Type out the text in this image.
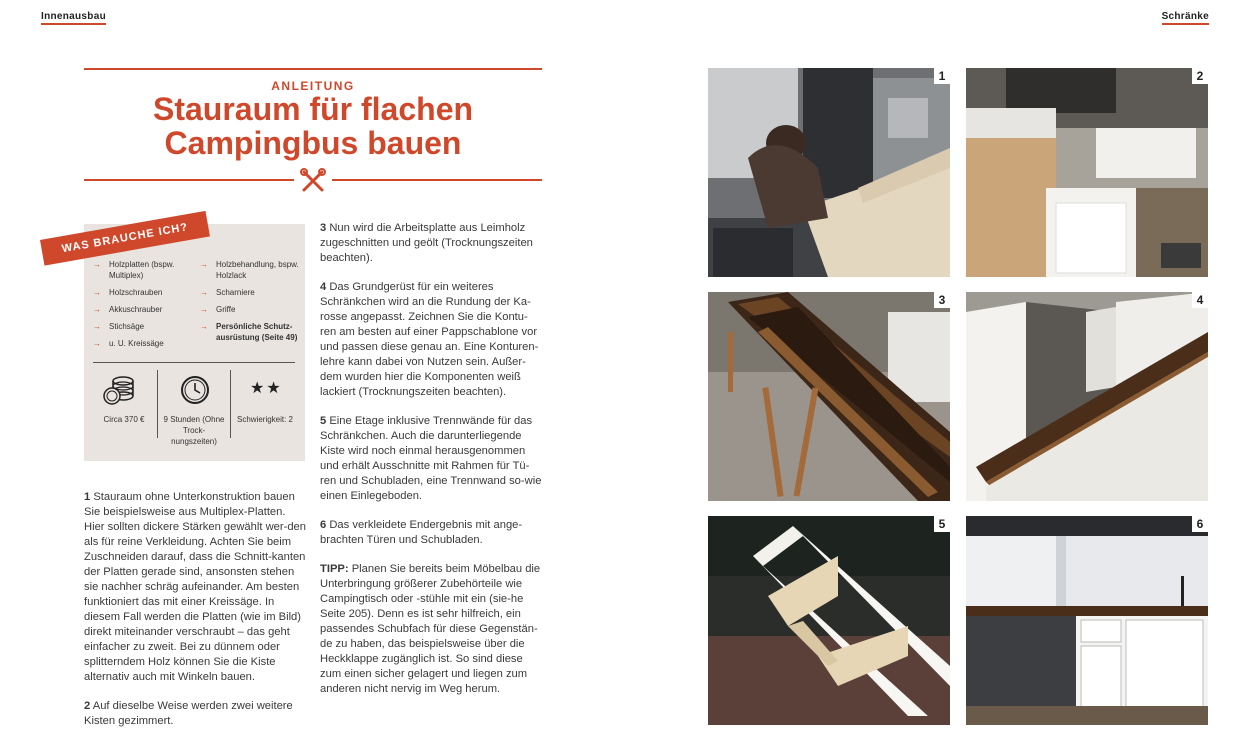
Innenausbau	Schränke
ANLEITUNG
Stauraum für flachen
Campingbus bauen
WAS BRAUCHE ICH?
→ Holzplatten (bspw. Multiplex)
→ Holzschrauben
→ Akkuschrauber
→ Stichsäge
→ u. U. Kreissäge
→ Holzbehandlung, bspw. Holzlack
→ Scharniere
→ Griffe
→ Persönliche Schutz-ausrüstung (Seite 49)
★★
Circa 370 €	9 Stunden (Ohne Trock-nungszeiten)
Schwierigkeit: 2

1 Stauraum ohne Unterkonstruktion bauen Sie beispielsweise aus Multiplex-Platten. Hier sollten dickere Stärken gewählt wer-den als für reine Verkleidung. Achten Sie beim Zuschneiden darauf, dass die Schnitt-kanten der Platten gerade sind, ansonsten stehen sie nachher schräg aufeinander. Am besten funktioniert das mit einer Kreissäge. In diesem Fall werden die Platten (wie im Bild) direkt miteinander verschraubt – das geht einfacher zu zweit. Bei zu dünnem oder splitterndem Holz können Sie die Kiste alternativ auch mit Winkeln bauen.

2 Auf dieselbe Weise werden zwei weitere Kisten gezimmert.

3 Nun wird die Arbeitsplatte aus Leimholz zugeschnitten und geölt (Trocknungszeiten beachten).

4 Das Grundgerüst für ein weiteres Schränkchen wird an die Rundung der Ka-rosse angepasst. Zeichnen Sie die Kontu-ren am besten auf einer Pappschablone vor und passen diese genau an. Eine Konturen-lehre kann dabei von Nutzen sein. Außer-dem wurden hier die Komponenten weiß lackiert (Trocknungszeiten beachten).

5 Eine Etage inklusive Trennwände für das Schränkchen. Auch die darunterliegende Kiste wird noch einmal herausgenommen und erhält Ausschnitte mit Rahmen für Tü-ren und Schubladen, eine Trennwand so-wie einen Einlegeboden.

6 Das verkleidete Endergebnis mit ange-brachten Türen und Schubladen.

TIPP: Planen Sie bereits beim Möbelbau die Unterbringung größerer Zubehörteile wie Campingtisch oder -stühle mit ein (sie-he Seite 205). Denn es ist sehr hilfreich, ein passendes Schubfach für diese Gegenstän-de zu haben, das beispielsweise über die Heckklappe zugänglich ist. So sind diese zum einen sicher gelagert und liegen zum anderen nicht nervig im Weg herum.

1	2
3	4
5	6
